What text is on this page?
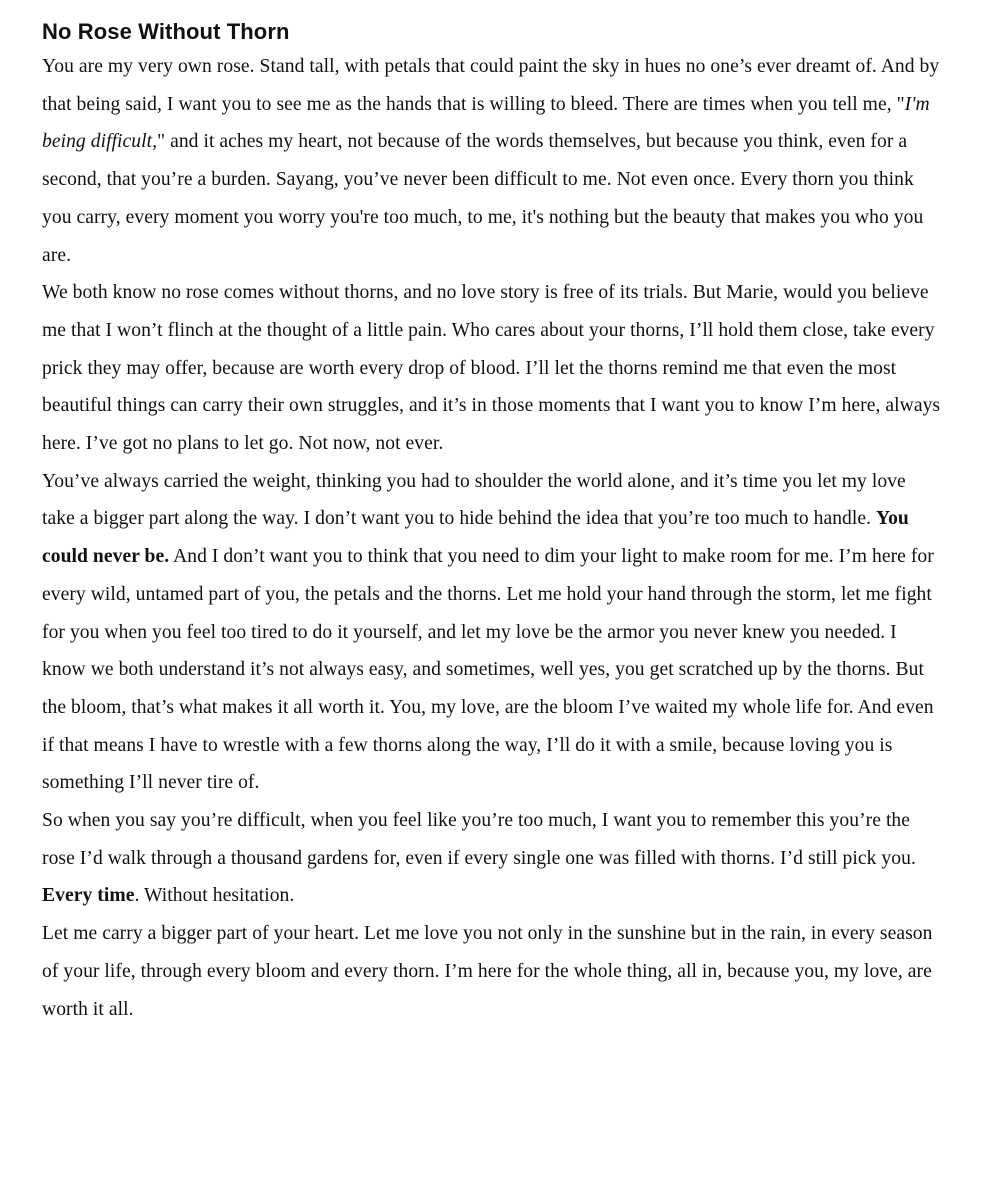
No Rose Without Thorn

You are my very own rose. Stand tall, with petals that could paint the sky in hues no one’s ever dreamt of. And by that being said, I want you to see me as the hands that is willing to bleed. There are times when you tell me, "I'm being difficult," and it aches my heart, not because of the words themselves, but because you think, even for a second, that you’re a burden. Sayang, you’ve never been difficult to me. Not even once. Every thorn you think you carry, every moment you worry you're too much, to me, it's nothing but the beauty that makes you who you are.

We both know no rose comes without thorns, and no love story is free of its trials. But Marie, would you believe me that I won’t flinch at the thought of a little pain. Who cares about your thorns, I’ll hold them close, take every prick they may offer, because are worth every drop of blood. I’ll let the thorns remind me that even the most beautiful things can carry their own struggles, and it’s in those moments that I want you to know I’m here, always here. I’ve got no plans to let go. Not now, not ever.

You’ve always carried the weight, thinking you had to shoulder the world alone, and it’s time you let my love take a bigger part along the way. I don’t want you to hide behind the idea that you’re too much to handle. You could never be. And I don’t want you to think that you need to dim your light to make room for me. I’m here for every wild, untamed part of you, the petals and the thorns. Let me hold your hand through the storm, let me fight for you when you feel too tired to do it yourself, and let my love be the armor you never knew you needed. I know we both understand it’s not always easy, and sometimes, well yes, you get scratched up by the thorns. But the bloom, that’s what makes it all worth it. You, my love, are the bloom I’ve waited my whole life for. And even if that means I have to wrestle with a few thorns along the way, I’ll do it with a smile, because loving you is something I’ll never tire of.

So when you say you’re difficult, when you feel like you’re too much, I want you to remember this you’re the rose I’d walk through a thousand gardens for, even if every single one was filled with thorns. I’d still pick you. Every time. Without hesitation.

Let me carry a bigger part of your heart. Let me love you not only in the sunshine but in the rain, in every season of your life, through every bloom and every thorn. I’m here for the whole thing, all in, because you, my love, are worth it all.
